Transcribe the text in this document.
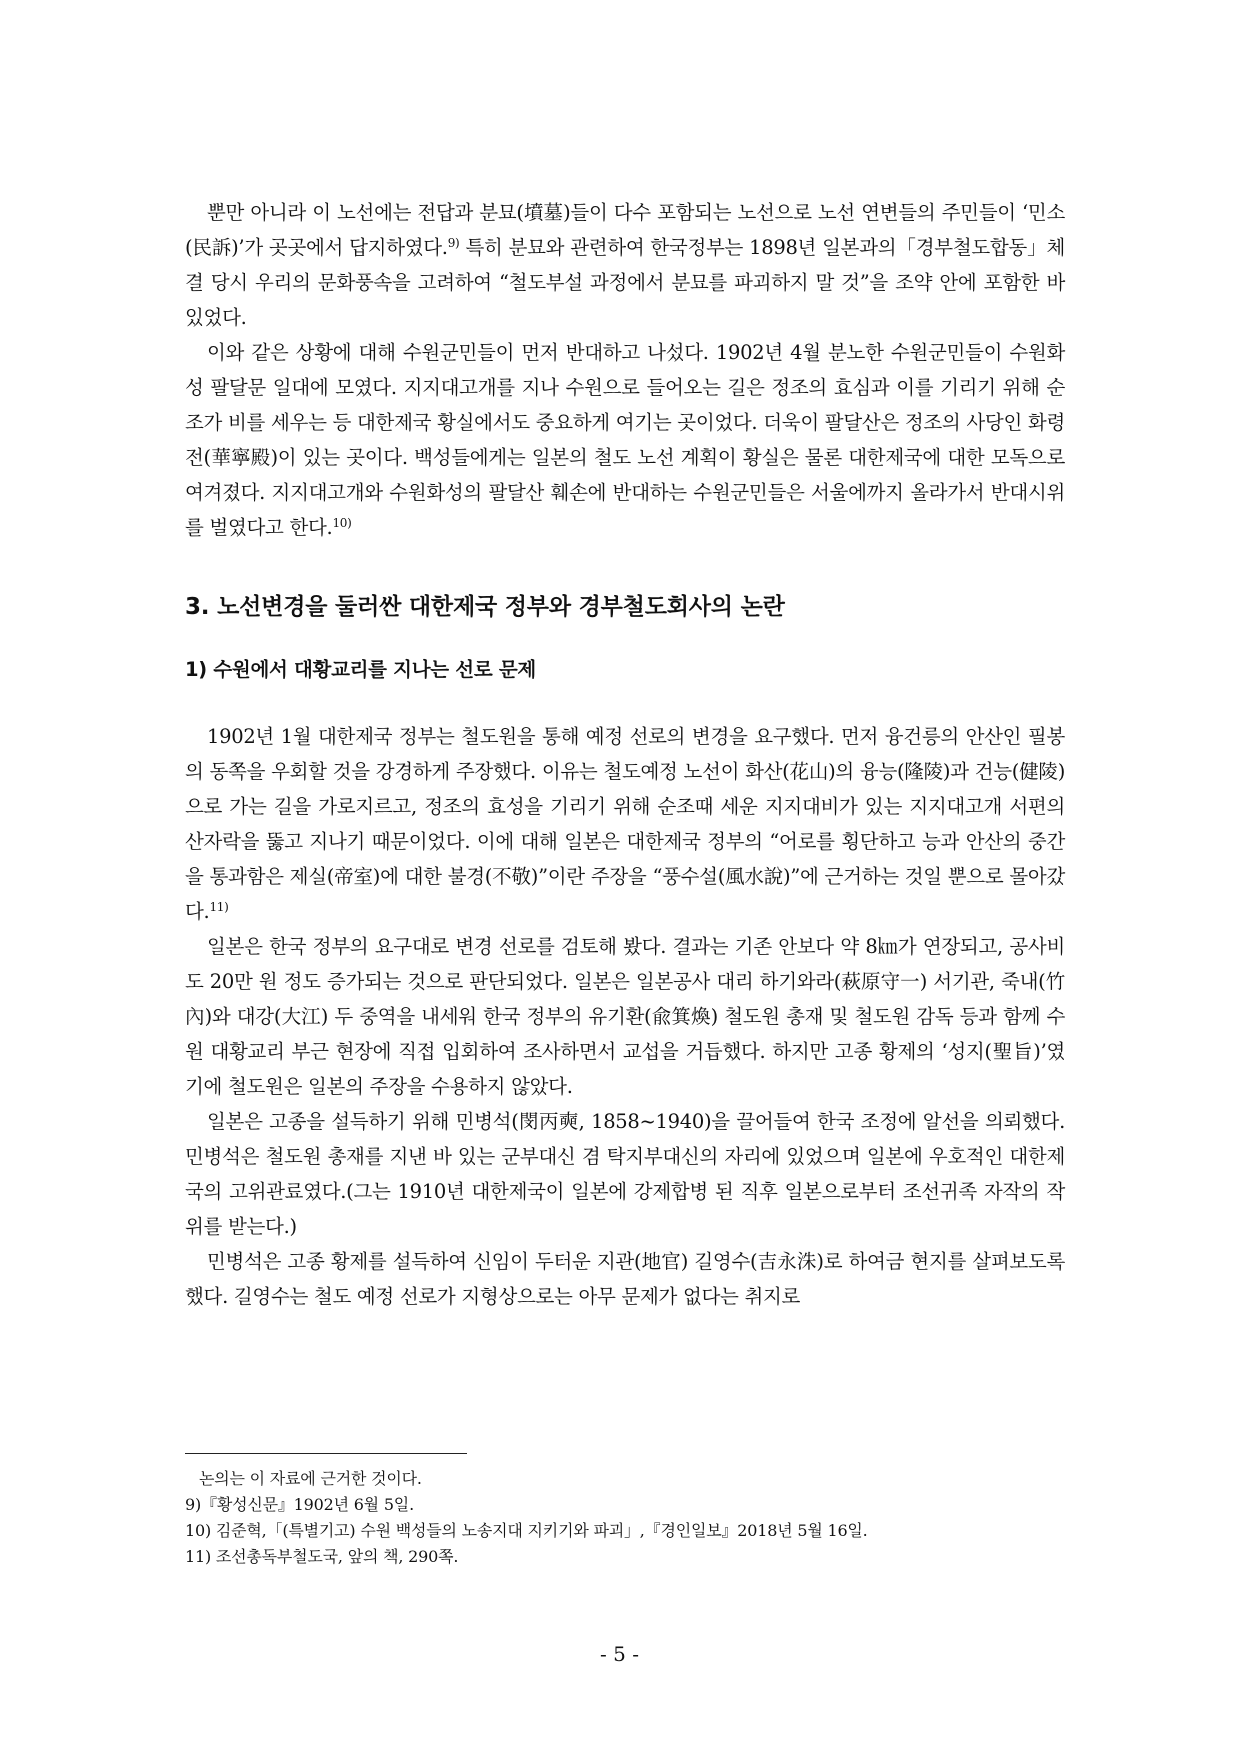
뿐만 아니라 이 노선에는 전답과 분묘(墳墓)들이 다수 포함되는 노선으로 노선 연변들의 주민들이 ‘민소(民訴)’가 곳곳에서 답지하였다.$^{9)}$ 특히 분묘와 관련하여 한국정부는 1898년 일본과의「경부철도합동」체결 당시 우리의 문화풍속을 고려하여 “철도부설 과정에서 분묘를 파괴하지 말 것”을 조약 안에 포함한 바 있었다.

이와 같은 상황에 대해 수원군민들이 먼저 반대하고 나섰다. 1902년 4월 분노한 수원군민들이 수원화성 팔달문 일대에 모였다. 지지대고개를 지나 수원으로 들어오는 길은 정조의 효심과 이를 기리기 위해 순조가 비를 세우는 등 대한제국 황실에서도 중요하게 여기는 곳이었다. 더욱이 팔달산은 정조의 사당인 화령전(華寧殿)이 있는 곳이다. 백성들에게는 일본의 철도 노선 계획이 황실은 물론 대한제국에 대한 모독으로 여겨졌다. 지지대고개와 수원화성의 팔달산 훼손에 반대하는 수원군민들은 서울에까지 올라가서 반대시위를 벌였다고 한다.$^{10)}$

3. 노선변경을 둘러싼 대한제국 정부와 경부철도회사의 논란
1) 수원에서 대황교리를 지나는 선로 문제

1902년 1월 대한제국 정부는 철도원을 통해 예정 선로의 변경을 요구했다. 먼저 융건릉의 안산인 필봉의 동쪽을 우회할 것을 강경하게 주장했다. 이유는 철도예정 노선이 화산(花山)의 융능(隆陵)과 건능(健陵)으로 가는 길을 가로지르고, 정조의 효성을 기리기 위해 순조때 세운 지지대비가 있는 지지대고개 서편의 산자락을 뚫고 지나기 때문이었다. 이에 대해 일본은 대한제국 정부의 “어로를 횡단하고 능과 안산의 중간을 통과함은 제실(帝室)에 대한 불경(不敬)”이란 주장을 “풍수설(風水說)”에 근거하는 것일 뿐으로 몰아갔다.$^{11)}$

일본은 한국 정부의 요구대로 변경 선로를 검토해 봤다. 결과는 기존 안보다 약 8㎞가 연장되고, 공사비도 20만 원 정도 증가되는 것으로 판단되었다. 일본은 일본공사 대리 하기와라(萩原守一) 서기관, 죽내(竹內)와 대강(大江) 두 중역을 내세워 한국 정부의 유기환(兪箕煥) 철도원 총재 및 철도원 감독 등과 함께 수원 대황교리 부근 현장에 직접 입회하여 조사하면서 교섭을 거듭했다. 하지만 고종 황제의 ‘성지(聖旨)’였기에 철도원은 일본의 주장을 수용하지 않았다.

일본은 고종을 설득하기 위해 민병석(閔丙奭, 1858~1940)을 끌어들여 한국 조정에 알선을 의뢰했다. 민병석은 철도원 총재를 지낸 바 있는 군부대신 겸 탁지부대신의 자리에 있었으며 일본에 우호적인 대한제국의 고위관료였다.(그는 1910년 대한제국이 일본에 강제합병 된 직후 일본으로부터 조선귀족 자작의 작위를 받는다.)

민병석은 고종 황제를 설득하여 신임이 두터운 지관(地官) 길영수(吉永洙)로 하여금 현지를 살펴보도록 했다. 길영수는 철도 예정 선로가 지형상으로는 아무 문제가 없다는 취지로

논의는 이 자료에 근거한 것이다.
9)『황성신문』1902년 6월 5일.
10) 김준혁,「(특별기고) 수원 백성들의 노송지대 지키기와 파괴」,『경인일보』2018년 5월 16일.
11) 조선총독부철도국, 앞의 책, 290쪽.
- 5 -
